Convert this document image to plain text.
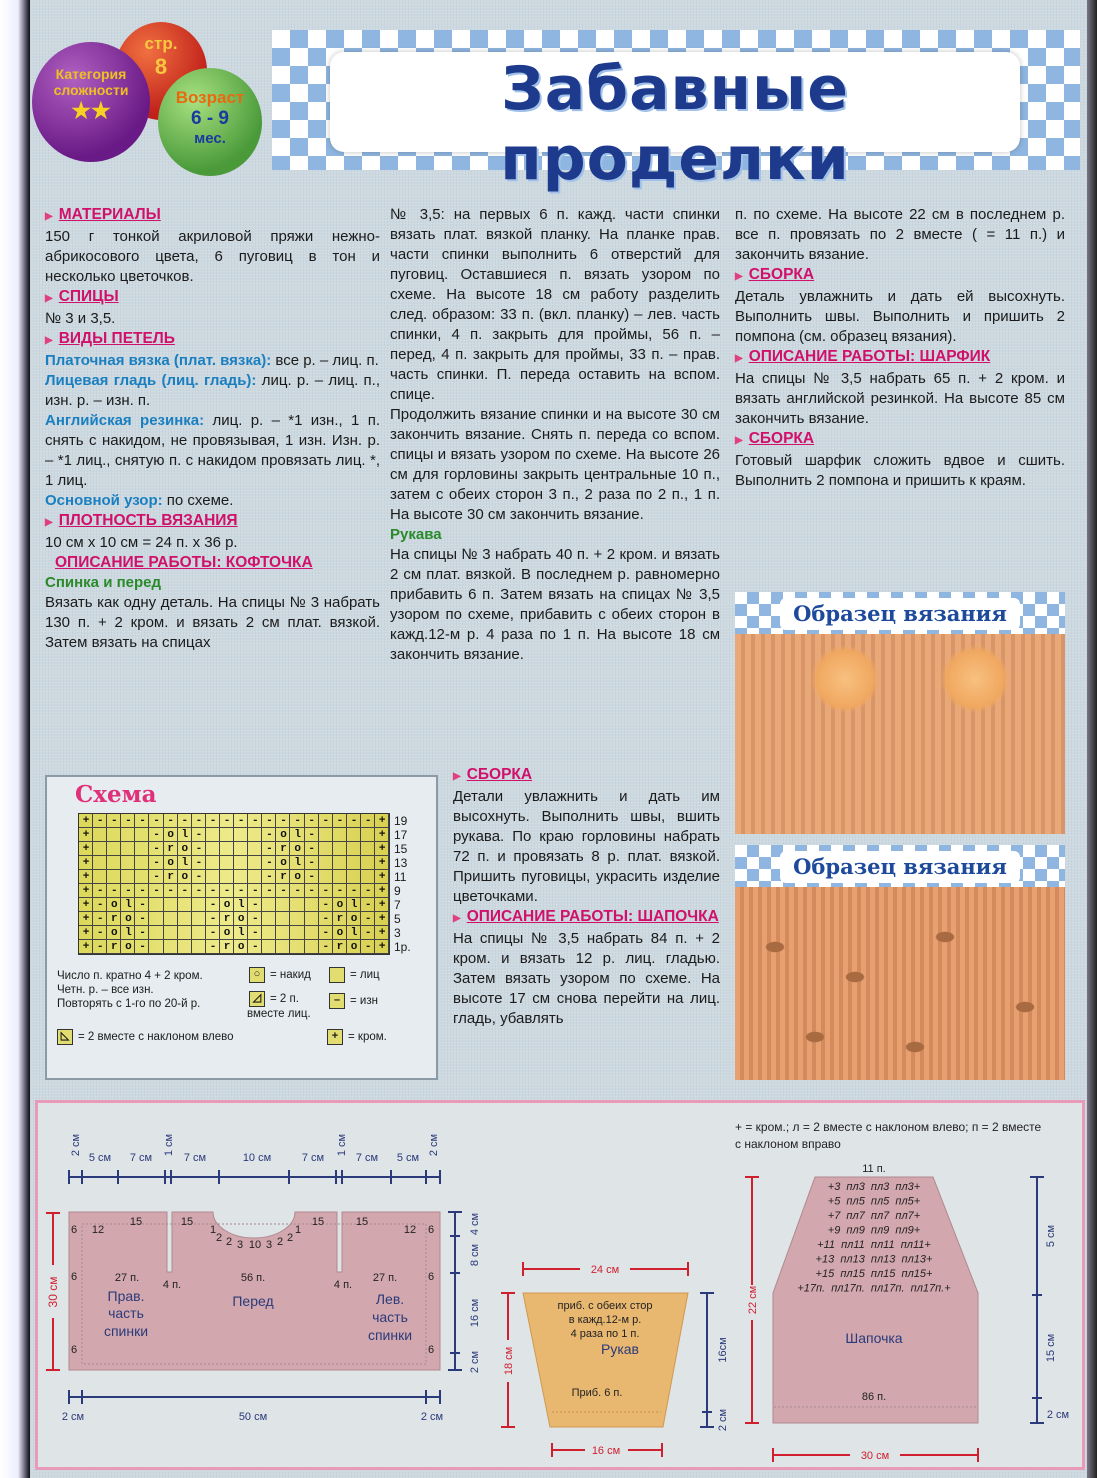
стр.
8
Категория сложности
★★
Возраст
6 - 9
мес.
Забавные проделки

▶ МАТЕРИАЛЫ

150 г тонкой акриловой пряжи нежно-абрикосового цвета, 6 пуговиц в тон и несколько цветочков.

▶ СПИЦЫ

№ 3 и 3,5.

▶ ВИДЫ ПЕТЕЛЬ

Платочная вязка (плат. вязка): все р. – лиц. п.

Лицевая гладь (лиц. гладь): лиц. р. – лиц. п., изн. р. – изн. п.

Английская резинка: лиц. р. – *1 изн., 1 п. снять с накидом, не провязывая, 1 изн. Изн. р. – *1 лиц., снятую п. с накидом провязать лиц. *, 1 лиц.

Основной узор: по схеме.

▶ ПЛОТНОСТЬ ВЯЗАНИЯ

10 см х 10 см = 24 п. х 36 р.

ОПИСАНИЕ РАБОТЫ: КОФТОЧКА

Спинка и перед

Вязать как одну деталь. На спицы № 3 набрать 130 п. + 2 кром. и вязать 2 см плат. вязкой. Затем вязать на спицах

№ 3,5: на первых 6 п. кажд. части спинки вязать плат. вязкой планку. На планке прав. части спинки выполнить 6 отверстий для пуговиц. Оставшиеся п. вязать узором по схеме. На высоте 18 см работу разделить след. образом: 33 п. (вкл. планку) – лев. часть спинки, 4 п. закрыть для проймы, 56 п. – перед, 4 п. закрыть для проймы, 33 п. – прав. часть спинки. П. переда оставить на вспом. спице.

Продолжить вязание спинки и на высоте 30 см закончить вязание. Снять п. переда со вспом. спицы и вязать узором по схеме. На высоте 26 см для горловины закрыть центральные 10 п., затем с обеих сторон 3 п., 2 раза по 2 п., 1 п. На высоте 30 см закончить вязание.

Рукава

На спицы № 3 набрать 40 п. + 2 кром. и вязать 2 см плат. вязкой. В последнем р. равномерно прибавить 6 п. Затем вязать на спицах № 3,5 узором по схеме, прибавить с обеих сторон в кажд.12-м р. 4 раза по 1 п. На высоте 18 см закончить вязание.

▶ СБОРКА

Детали увлажнить и дать им высохнуть. Выполнить швы, вшить рукава. По краю горловины набрать 72 п. и провязать 8 р. плат. вязкой. Пришить пуговицы, украсить изделие цветочками.

▶ ОПИСАНИЕ РАБОТЫ: ШАПОЧКА

На спицы № 3,5 набрать 84 п. + 2 кром. и вязать 12 р. лиц. гладью. Затем вязать узором по схеме. На высоте 17 см снова перейти на лиц. гладь, убавлять

п. по схеме. На высоте 22 см в последнем р. все п. провязать по 2 вместе ( = 11 п.) и закончить вязание.

▶ СБОРКА

Деталь увлажнить и дать ей высохнуть. Выполнить швы. Выполнить и пришить 2 помпона (см. образец вязания).

▶ ОПИСАНИЕ РАБОТЫ: ШАРФИК

На спицы № 3,5 набрать 65 п. + 2 кром. и вязать английской резинкой. На высоте 85 см закончить вязание.

▶ СБОРКА

Готовый шарфик сложить вдвое и сшить. Выполнить 2 помпона и пришить к краям.

Образец вязания
Образец вязания
Схема
+--------------------+
+    -ol-    -ol-    +
+    -ro-    -ro-    +
+    -ol-    -ol-    +
+    -ro-    -ro-    +
+--------------------+
+-ol-    -ol-    -ol-+
+-ro-    -ro-    -ro-+
+-ol-    -ol-    -ol-+
+-ro-    -ro-    -ro-+
19
17
15
13
11
9
7
5
3
1р.
Число п. кратно 4 + 2 кром.
Четн. р. – все изн.
Повторять с 1-го по 20-й р.
○ = накид	= лиц
◿ = 2 п.
вместе лиц.
– = изн
◺ = 2 вместе с наклоном влево	+ = кром.
5 см 7 см	7 см	10 см	7 см	7 см 5 см
2 см	1 см	1 см	2 см
30 см
4 см
8 см
16 см
2 см
2 см	50 см	2 см
6
6
6
6
6
6
12
15	15	15	15
12
1
2 2 3 10 3 2 2
1
27 п.
4 п.
56 п.
4 п.
27 п.
Прав.
часть
спинки
Перед	Лев.
часть
спинки
24 см
18 см	16см
2 см
16 см
приб. с обеих стор
в кажд.12-м р.
4 раза по 1 п.
Рукав
Приб. 6 п.
+ = кром.; л = 2 вместе с наклоном влево; п = 2 вместе
с наклоном вправо
+3  пл3  пл3  пл3+
+5  пл5  пл5  пл5+
+7  пл7  пл7  пл7+
+9  пл9  пл9  пл9+
+11  пл11  пл11  пл11+
+13  пл13  пл13  пл13+
+15  пл15  пл15  пл15+
+17п.  пл17п.  пл17п.  пл17п.+
11 п.
Шапочка
86 п.
22 см
5 см
15 см
2 см
30 см
